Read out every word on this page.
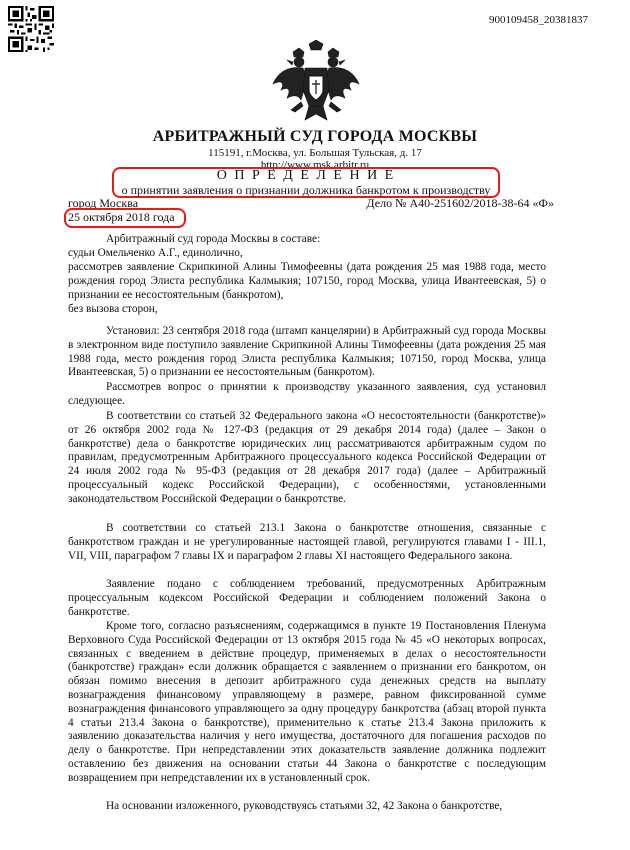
900109458_20381837
АРБИТРАЖНЫЙ СУД ГОРОДА МОСКВЫ
115191, г.Москва, ул. Большая Тульская, д. 17
http://www.msk.arbitr.ru
О П Р Е Д Е Л Е Н И Е
о принятии заявления о признании должника банкротом к производству
город Москва	Дело № А40-251602/2018-38-64 «Ф»
25 октября 2018 года

Арбитражный суд города Москвы в составе:

судьи Омельченко А.Г., единолично,

рассмотрев заявление Скрипкиной Алины Тимофеевны (дата рождения 25 мая 1988 года, место рождения город Элиста республика Калмыкия; 107150, город Москва, улица Ивантеевская, 5) о признании ее несостоятельным (банкротом),

без вызова сторон,

Установил: 23 сентября 2018 года (штамп канцелярии) в Арбитражный суд города Москвы в электронном виде поступило заявление Скрипкиной Алины Тимофеевны (дата рождения 25 мая 1988 года, место рождения город Элиста республика Калмыкия; 107150, город Москва, улица Ивантеевская, 5) о признании ее несостоятельным (банкротом).

Рассмотрев вопрос о принятии к производству указанного заявления, суд установил следующее.

В соответствии со статьей 32 Федерального закона «О несостоятельности (банкротстве)» от 26 октября 2002 года № 127-ФЗ (редакция от 29 декабря 2014 года) (далее – Закон о банкротстве) дела о банкротстве юридических лиц рассматриваются арбитражным судом по правилам, предусмотренным Арбитражного процессуального кодекса Российской Федерации от 24 июля 2002 года № 95-ФЗ (редакция от 28 декабря 2017 года) (далее – Арбитражный процессуальный кодекс Российской Федерации), с особенностями, установленными законодательством Российской Федерации о банкротстве.

В соответствии со статьей 213.1 Закона о банкротстве отношения, связанные с банкротством граждан и не урегулированные настоящей главой, регулируются главами I - III.1, VII, VIII, параграфом 7 главы IX и параграфом 2 главы XI настоящего Федерального закона.

Заявление подано с соблюдением требований, предусмотренных Арбитражным процессуальным кодексом Российской Федерации и соблюдением положений Закона о банкротстве.

Кроме того, согласно разъяснениям, содержащимся в пункте 19 Постановления Пленума Верховного Суда Российской Федерации от 13 октября 2015 года № 45 «О некоторых вопросах, связанных с введением в действие процедур, применяемых в делах о несостоятельности (банкротстве) граждан» если должник обращается с заявлением о признании его банкротом, он обязан помимо внесения в депозит арбитражного суда денежных средств на выплату вознаграждения финансовому управляющему в размере, равном фиксированной сумме вознаграждения финансового управляющего за одну процедуру банкротства (абзац второй пункта 4 статьи 213.4 Закона о банкротстве), применительно к статье 213.4 Закона приложить к заявлению доказательства наличия у него имущества, достаточного для погашения расходов по делу о банкротстве. При непредставлении этих доказательств заявление должника подлежит оставлению без движения на основании статьи 44 Закона о банкротстве с последующим возвращением при непредставлении их в установленный срок.

На основании изложенного, руководствуясь статьями 32, 42 Закона о банкротстве,
